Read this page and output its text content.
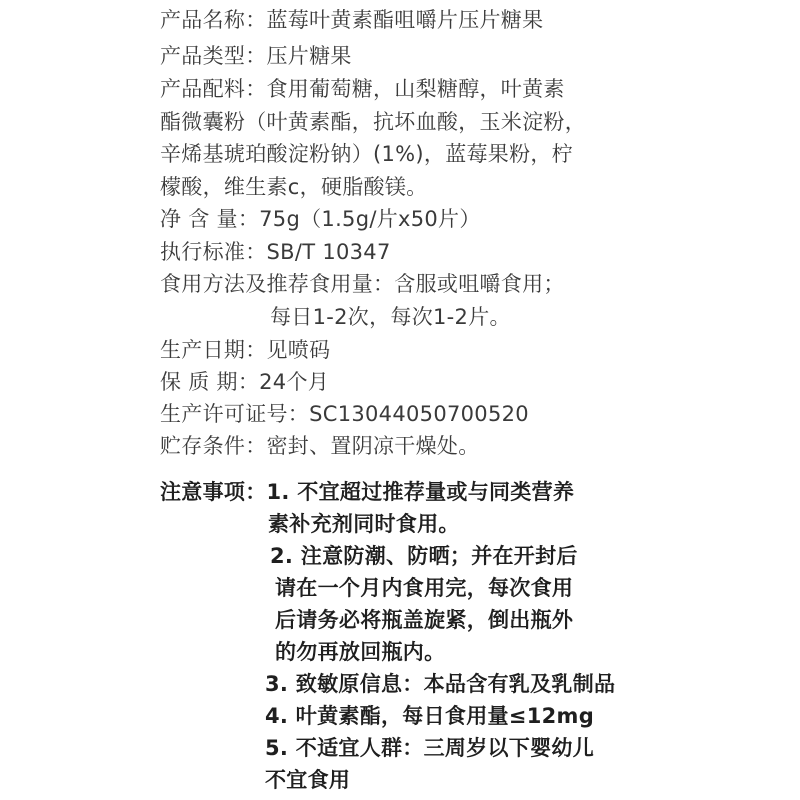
产品名称：蓝莓叶黄素酯咀嚼片压片糖果
产品类型：压片糖果
产品配料：食用葡萄糖，山梨糖醇，叶黄素
酯微囊粉（叶黄素酯，抗坏血酸，玉米淀粉，
辛烯基琥珀酸淀粉钠）(1%)，蓝莓果粉，柠
檬酸，维生素c，硬脂酸镁。
净 含 量：75g（1.5g/片x50片）
执行标准：SB/T 10347
食用方法及推荐食用量：含服或咀嚼食用；
每日1-2次，每次1-2片。
生产日期：见喷码
保 质 期：24个月
生产许可证号：SC13044050700520
贮存条件：密封、置阴凉干燥处。
注意事项：1. 不宜超过推荐量或与同类营养
素补充剂同时食用。
2. 注意防潮、防晒；并在开封后
请在一个月内食用完，每次食用
后请务必将瓶盖旋紧，倒出瓶外
的勿再放回瓶内。
3. 致敏原信息：本品含有乳及乳制品
4. 叶黄素酯，每日食用量≤12mg
5. 不适宜人群：三周岁以下婴幼儿
不宜食用
